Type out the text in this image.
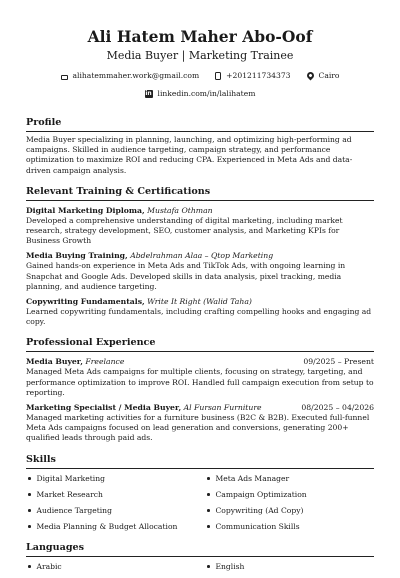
Ali Hatem Maher Abo-Oof
Media Buyer | Marketing Trainee
alihatemmaher.work@gmail.com	+201211734373	Cairo
in linkedin.com/in/lalihatem
Profile
Media Buyer specializing in planning, launching, and optimizing high-performing ad campaigns. Skilled in audience targeting, campaign strategy, and performance optimization to maximize ROI and reducing CPA. Experienced in Meta Ads and data-driven campaign analysis.
Relevant Training & Certifications
Digital Marketing Diploma, Mustafa Othman
Developed a comprehensive understanding of digital marketing, including market research, strategy development, SEO, customer analysis, and Marketing KPIs for Business Growth
Media Buying Training, Abdelrahman Alaa – Qtop Marketing
Gained hands-on experience in Meta Ads and TikTok Ads, with ongoing learning in Snapchat and Google Ads. Developed skills in data analysis, pixel tracking, media planning, and audience targeting.
Copywriting Fundamentals, Write It Right (Walid Taha)
Learned copywriting fundamentals, including crafting compelling hooks and engaging ad copy.
Professional Experience
Media Buyer, Freelance	09/2025 – Present
Managed Meta Ads campaigns for multiple clients, focusing on strategy, targeting, and performance optimization to improve ROI. Handled full campaign execution from setup to reporting.
Marketing Specialist / Media Buyer, Al Fursan Furniture	08/2025 – 04/2026
Managed marketing activities for a furniture business (B2C & B2B). Executed full-funnel Meta Ads campaigns focused on lead generation and conversions, generating 200+ qualified leads through paid ads.
Skills
Digital Marketing	Meta Ads Manager
Market Research	Campaign Optimization
Audience Targeting	Copywriting (Ad Copy)
Media Planning & Budget Allocation	Communication Skills
Languages
Arabic	English
